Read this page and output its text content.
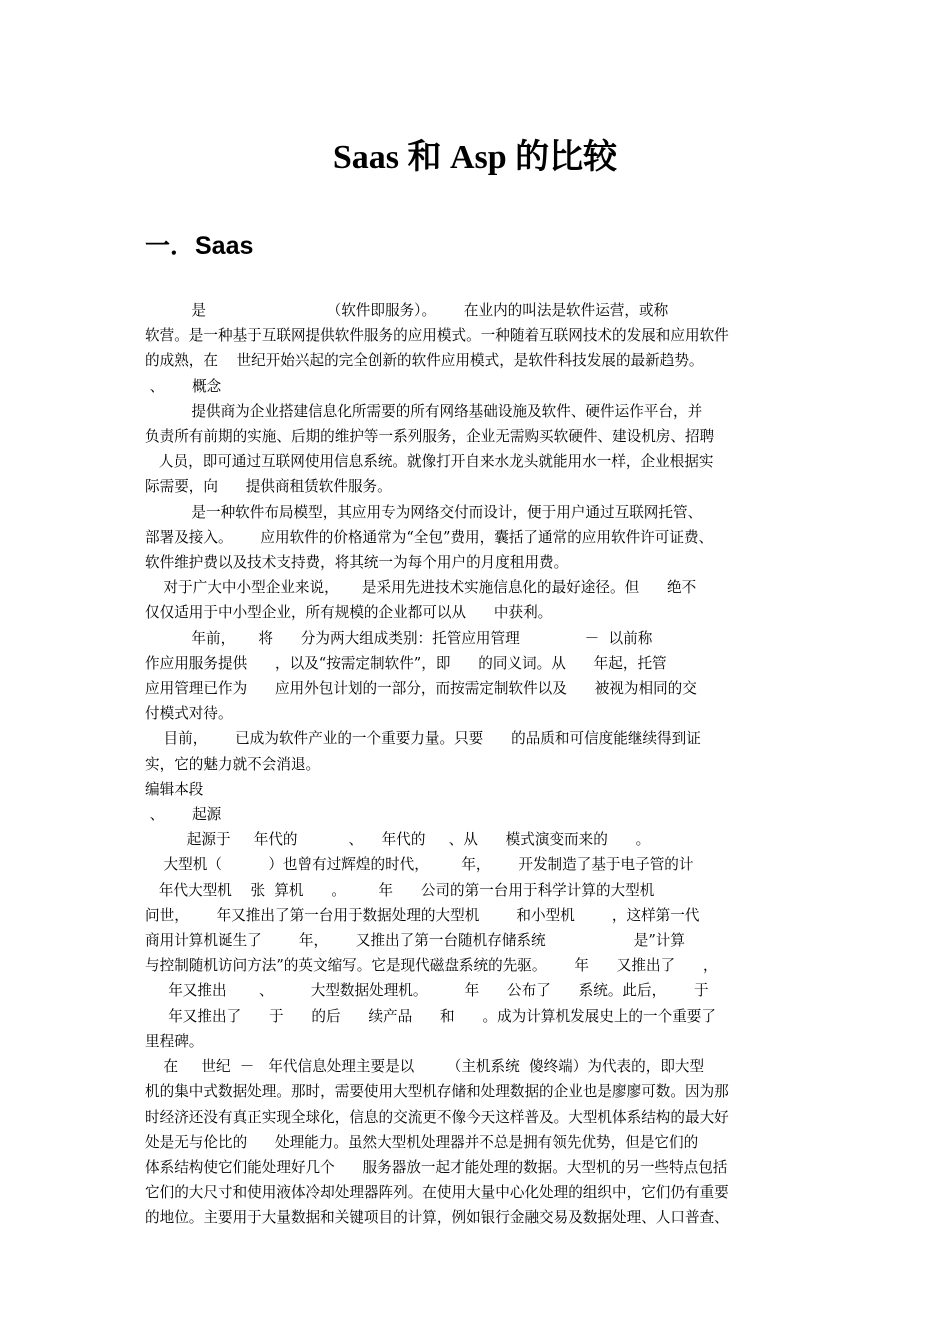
Saas 和 Asp 的比较
一．Saas

是                          （软件即服务）。      在业内的叫法是软件运营，或称

软营。是一种基于互联网提供软件服务的应用模式。一种随着互联网技术的发展和应用软件

的成熟，在    世纪开始兴起的完全创新的软件应用模式，是软件科技发展的最新趋势。

、      概念

提供商为企业搭建信息化所需要的所有网络基础设施及软件、硬件运作平台，并

负责所有前期的实施、后期的维护等一系列服务，企业无需购买软硬件、建设机房、招聘

人员，即可通过互联网使用信息系统。就像打开自来水龙头就能用水一样，企业根据实

际需要，向      提供商租赁软件服务。

是一种软件布局模型，其应用专为网络交付而设计，便于用户通过互联网托管、

部署及接入。      应用软件的价格通常为“全包”费用，囊括了通常的应用软件许可证费、

软件维护费以及技术支持费，将其统一为每个用户的月度租用费。

对于广大中小型企业来说，     是采用先进技术实施信息化的最好途径。但      绝不

仅仅适用于中小型企业，所有规模的企业都可以从      中获利。

年前，     将      分为两大组成类别：托管应用管理              －  以前称

作应用服务提供      ，以及“按需定制软件”，即      的同义词。从      年起，托管

应用管理已作为      应用外包计划的一部分，而按需定制软件以及      被视为相同的交

付模式对待。

目前，      已成为软件产业的一个重要力量。只要      的品质和可信度能继续得到证

实，它的魅力就不会消退。

编辑本段

、      起源

起源于     年代的           、    年代的     、从      模式演变而来的      。

大型机（          ）也曾有过辉煌的时代，       年，      开发制造了基于电子管的计

年代大型机    张  算机      。       年      公司的第一台用于科学计算的大型机

问世，      年又推出了第一台用于数据处理的大型机        和小型机        ，这样第一代

商用计算机诞生了        年，      又推出了第一台随机存储系统                   是”计算

与控制随机访问方法”的英文缩写。它是现代磁盘系统的先驱。      年      又推出了      ，

年又推出       、        大型数据处理机。        年      公布了      系统。此后，      于

年又推出了      于      的后      续产品      和      。成为计算机发展史上的一个重要了

里程碑。

在     世纪  －   年代信息处理主要是以       （主机系统  傻终端）为代表的，即大型

机的集中式数据处理。那时，需要使用大型机存储和处理数据的企业也是廖廖可数。因为那

时经济还没有真正实现全球化，信息的交流更不像今天这样普及。大型机体系结构的最大好

处是无与伦比的      处理能力。虽然大型机处理器并不总是拥有领先优势，但是它们的

体系结构使它们能处理好几个      服务器放一起才能处理的数据。大型机的另一些特点包括

它们的大尺寸和使用液体冷却处理器阵列。在使用大量中心化处理的组织中，它们仍有重要

的地位。主要用于大量数据和关键项目的计算，例如银行金融交易及数据处理、人口普查、
